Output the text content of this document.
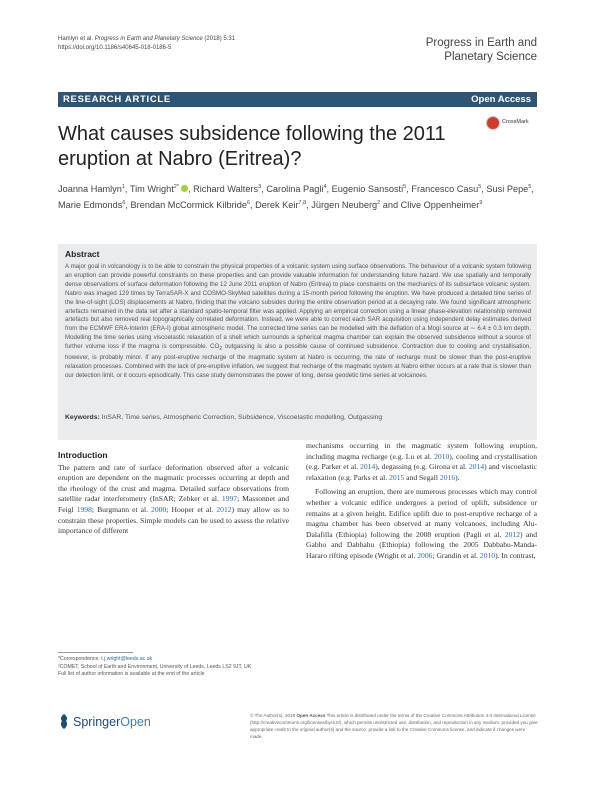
Hamlyn et al. Progress in Earth and Planetary Science (2018) 5:31
https://doi.org/10.1186/s40645-018-0186-5	Progress in Earth and
Planetary Science
RESEARCH ARTICLE	Open Access
What causes subsidence following the 2011 eruption at Nabro (Eritrea)?
CrossMark
Joanna Hamlyn$^1$, Tim Wright$^{2*}$ , Richard Walters$^3$, Carolina Pagli$^4$, Eugenio Sansosti$^5$, Francesco Casu$^5$, Susi Pepe$^5$, Marie Edmonds$^6$, Brendan McCormick Kilbride$^6$, Derek Keir$^{7,8}$, Jürgen Neuberg$^2$ and Clive Oppenheimer$^9$
Abstract
A major goal in volcanology is to be able to constrain the physical properties of a volcanic system using surface observations. The behaviour of a volcanic system following an eruption can provide powerful constraints on these properties and can provide valuable information for understanding future hazard. We use spatially and temporally dense observations of surface deformation following the 12 June 2011 eruption of Nabro (Eritrea) to place constraints on the mechanics of its subsurface volcanic system. Nabro was imaged 129 times by TerraSAR-X and COSMO-SkyMed satellites during a 15-month period following the eruption. We have produced a detailed time series of the line-of-sight (LOS) displacements at Nabro, finding that the volcano subsides during the entire observation period at a decaying rate. We found significant atmospheric artefacts remained in the data set after a standard spatio-temporal filter was applied. Applying an empirical correction using a linear phase-elevation relationship removed artefacts but also removed real topographically correlated deformation. Instead, we were able to correct each SAR acquisition using independent delay estimates derived from the ECMWF ERA-Interim (ERA-I) global atmospheric model. The corrected time series can be modelled with the deflation of a Mogi source at ∼ 6.4 ± 0.3 km depth. Modelling the time series using viscoelastic relaxation of a shell which surrounds a spherical magma chamber can explain the observed subsidence without a source of further volume loss if the magma is compressible. $CO_2$ outgassing is also a possible cause of continued subsidence. Contraction due to cooling and crystallisation, however, is probably minor. If any post-eruptive recharge of the magmatic system at Nabro is occurring, the rate of recharge must be slower than the post-eruptive relaxation processes. Combined with the lack of pre-eruptive inflation, we suggest that recharge of the magmatic system at Nabro either occurs at a rate that is slower than our detection limit, or it occurs episodically. This case study demonstrates the power of long, dense geodetic time series at volcanoes.
Keywords: InSAR, Time series, Atmospheric Correction, Subsidence, Viscoelastic modelling, Outgassing
Introduction

The pattern and rate of surface deformation observed after a volcanic eruption are dependent on the magmatic processes occurring at depth and the rheology of the crust and magma. Detailed surface observations from satellite radar interferometry (InSAR; Zebker et al. 1997; Massonnet and Feigl 1998; Burgmann et al. 2000; Hooper et al. 2012) may allow us to constrain these properties. Simple models can be used to assess the relative importance of different

mechanisms occurring in the magmatic system following eruption, including magma recharge (e.g. Lu et al. 2010), cooling and crystallisation (e.g. Parker et al. 2014), degassing (e.g. Girona et al. 2014) and viscoelastic relaxation (e.g. Parks et al. 2015 and Segall 2016).

Following an eruption, there are numerous processes which may control whether a volcanic edifice undergoes a period of uplift, subsidence or remains at a given height. Edifice uplift due to post-eruptive recharge of a magma chamber has been observed at many volcanoes, including Alu-Dalafilla (Ethiopia) following the 2008 eruption (Pagli et al. 2012) and Gabho and Dabbahu (Ethiopia) following the 2005 Dabbahu-Manda-Hararo rifting episode (Wright et al. 2006; Grandin et al. 2010). In contrast,

*Correspondence: t.j.wright@leeds.ac.uk
²COMET, School of Earth and Environment, University of Leeds, Leeds LS2 9JT, UK
Full list of author information is available at the end of the article
SpringerOpen	© The Author(s). 2018 Open Access This article is distributed under the terms of the Creative Commons Attribution 4.0 International License (http://creativecommons.org/licenses/by/4.0/), which permits unrestricted use, distribution, and reproduction in any medium, provided you give appropriate credit to the original author(s) and the source, provide a link to the Creative Commons license, and indicate if changes were made.
